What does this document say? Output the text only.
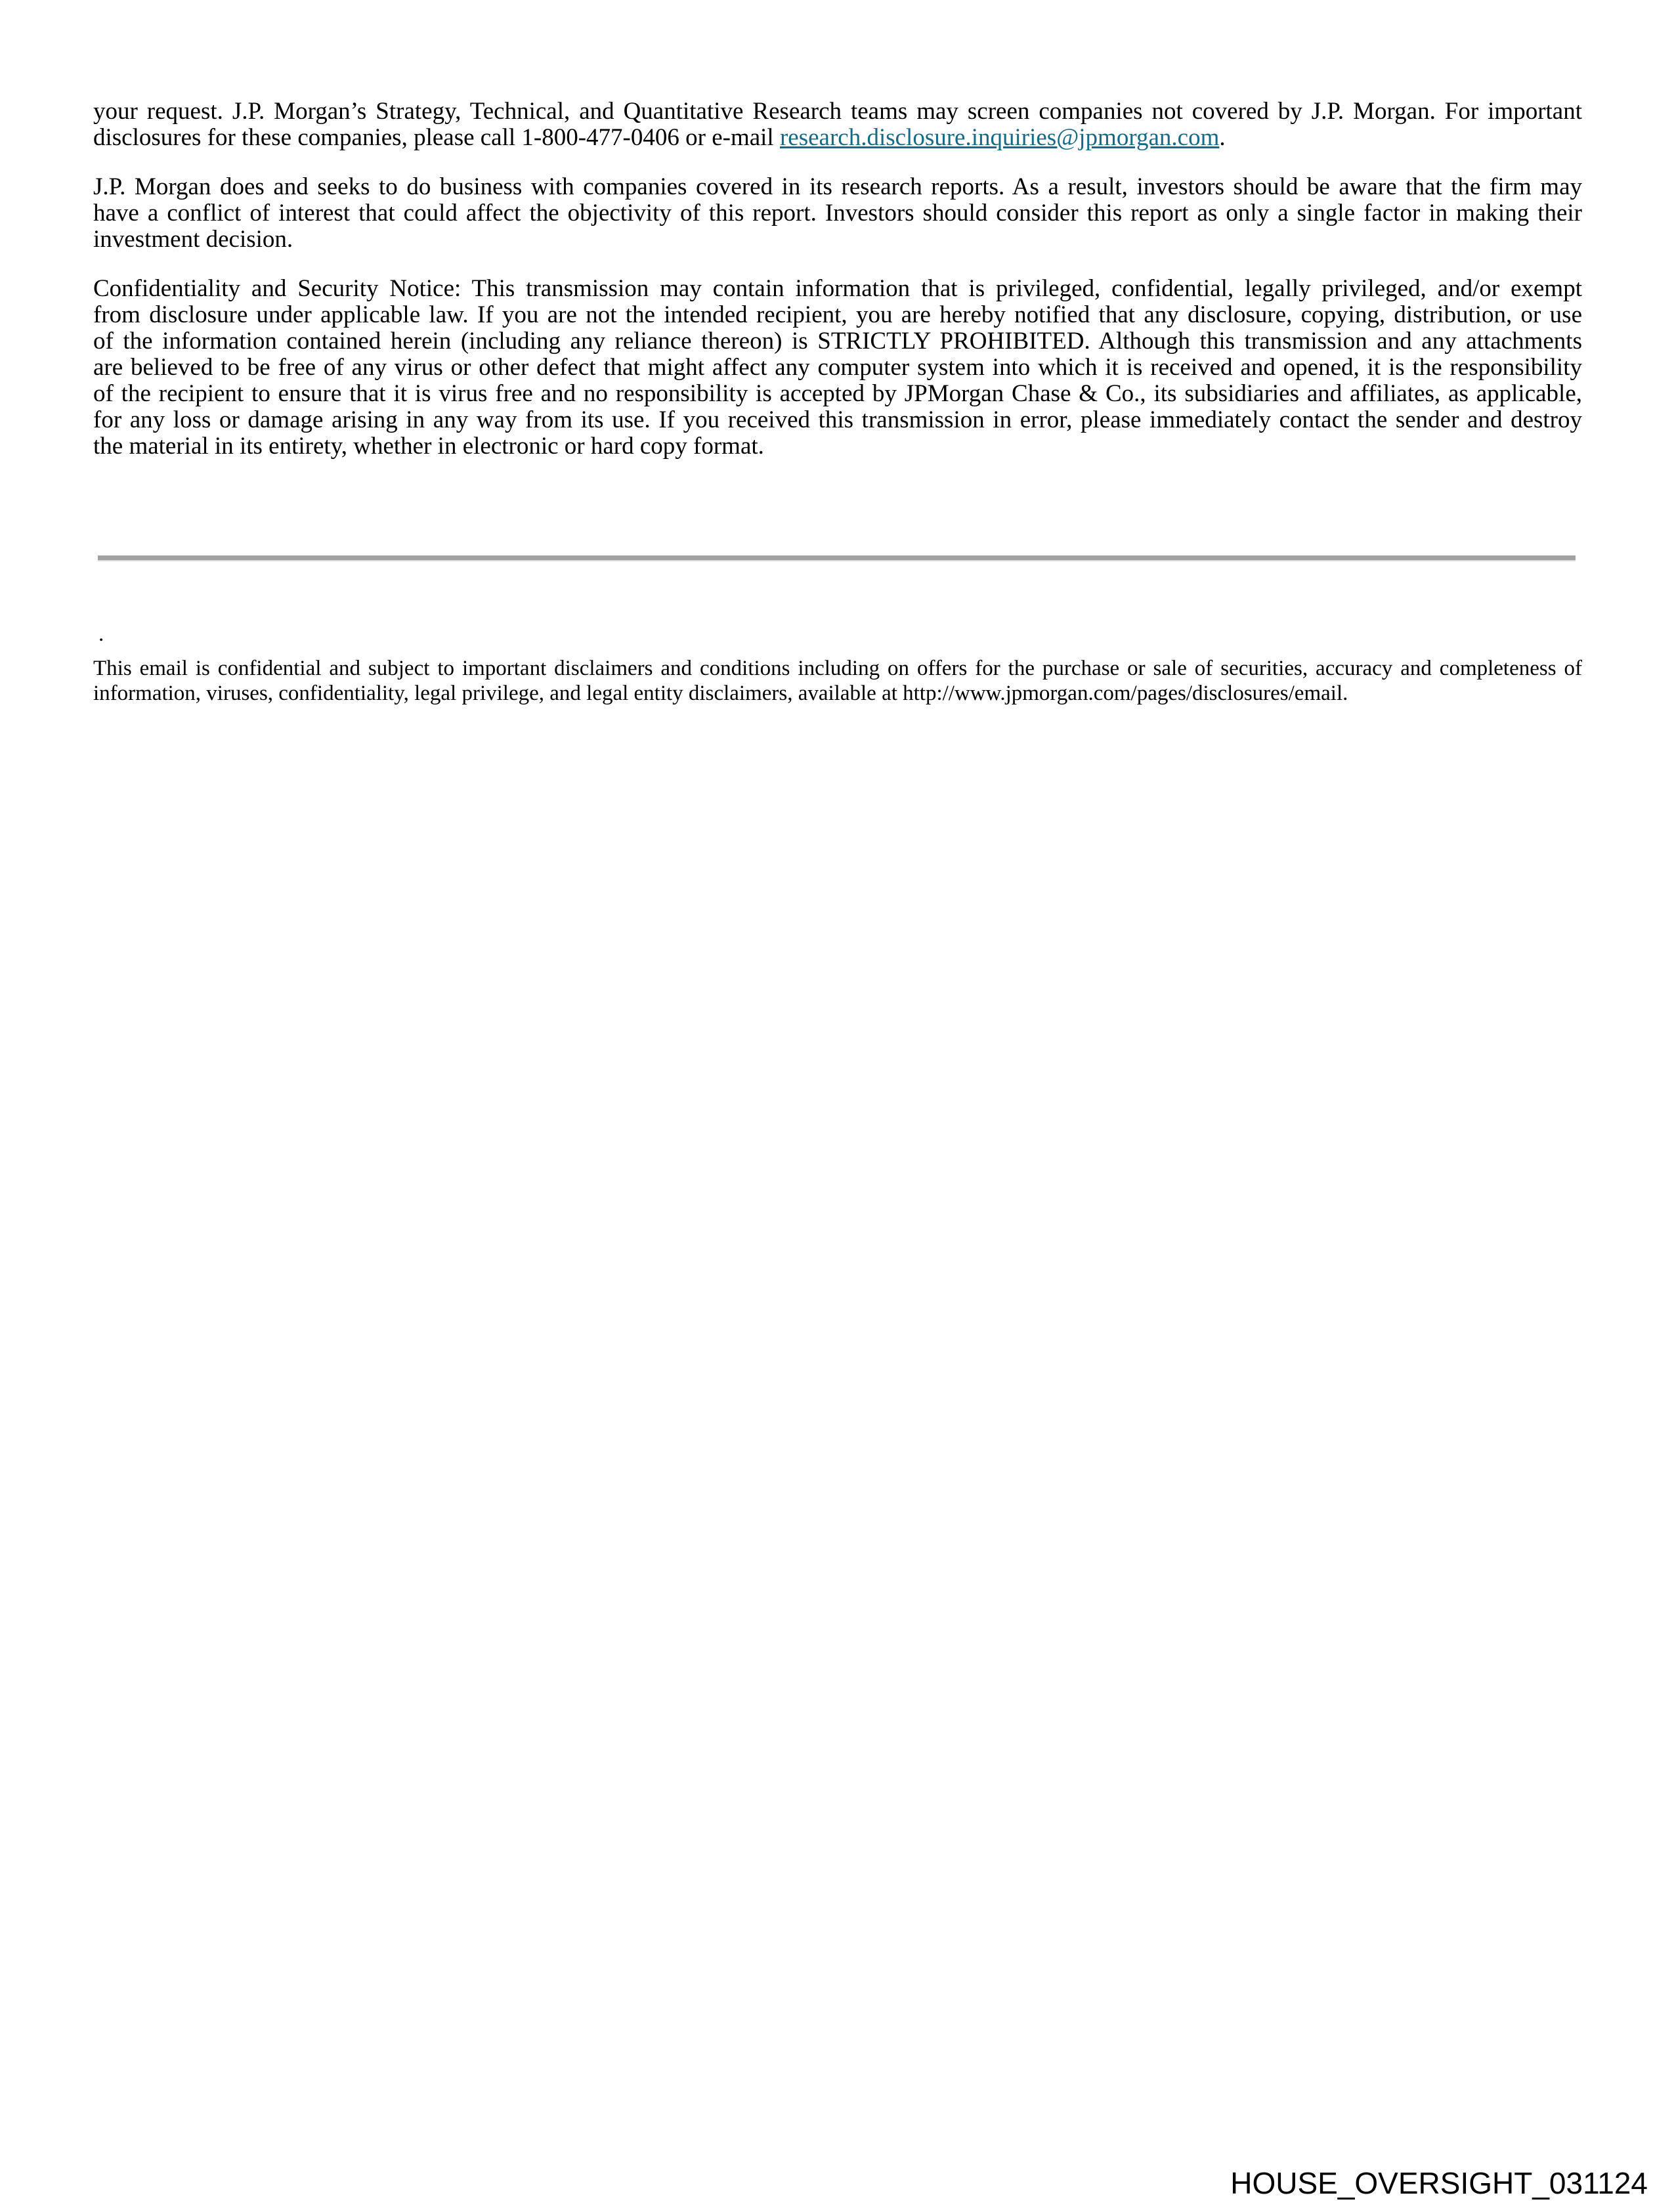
your request. J.P. Morgan’s Strategy, Technical, and Quantitative Research teams may screen companies not covered by J.P. Morgan. For important
disclosures for these companies, please call 1-800-477-0406 or e-mail research.disclosure.inquiries@jpmorgan.com.
J.P. Morgan does and seeks to do business with companies covered in its research reports. As a result, investors should be aware that the firm may
have a conflict of interest that could affect the objectivity of this report. Investors should consider this report as only a single factor in making their
investment decision.
Confidentiality and Security Notice: This transmission may contain information that is privileged, confidential, legally privileged, and/or exempt
from disclosure under applicable law. If you are not the intended recipient, you are hereby notified that any disclosure, copying, distribution, or use
of the information contained herein (including any reliance thereon) is STRICTLY PROHIBITED. Although this transmission and any attachments
are believed to be free of any virus or other defect that might affect any computer system into which it is received and opened, it is the responsibility
of the recipient to ensure that it is virus free and no responsibility is accepted by JPMorgan Chase & Co., its subsidiaries and affiliates, as applicable,
for any loss or damage arising in any way from its use. If you received this transmission in error, please immediately contact the sender and destroy
the material in its entirety, whether in electronic or hard copy format.
.
This email is confidential and subject to important disclaimers and conditions including on offers for the purchase or sale of securities, accuracy and completeness of
information, viruses, confidentiality, legal privilege, and legal entity disclaimers, available at http://www.jpmorgan.com/pages/disclosures/email.
HOUSE_OVERSIGHT_031124
